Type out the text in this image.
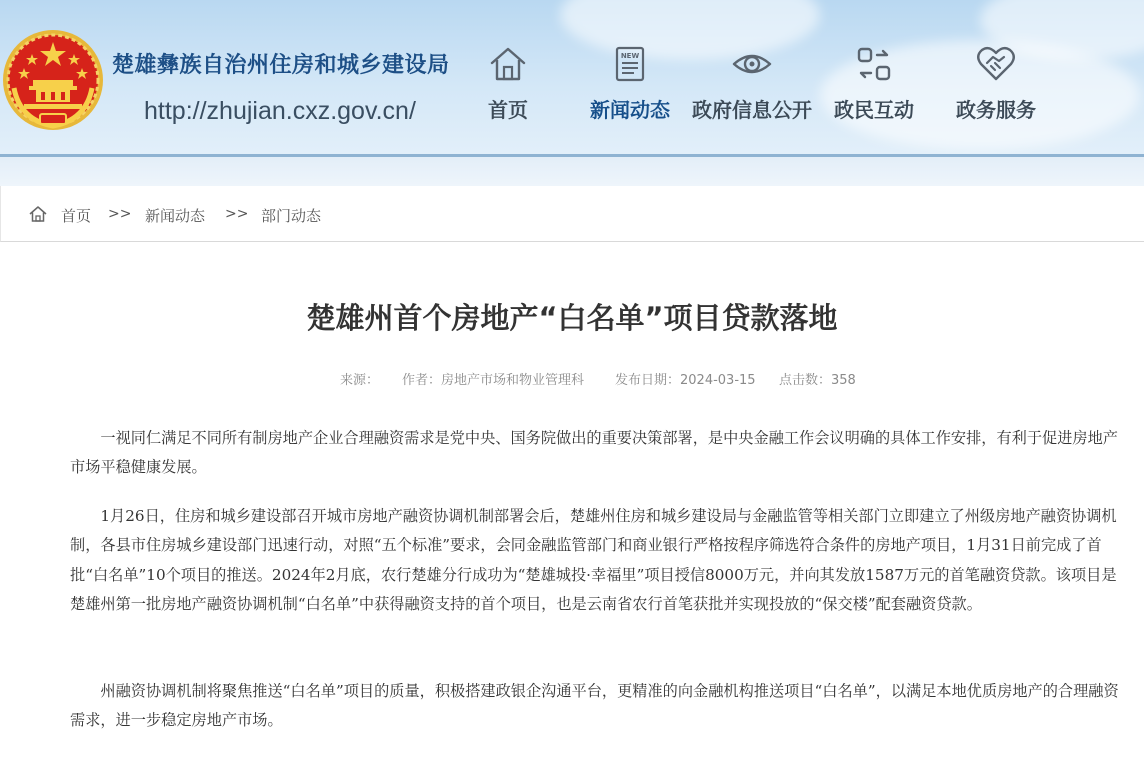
楚雄彝族自治州住房和城乡建设局
http://zhujian.cxz.gov.cn/	首页
NEW
新闻动态	政府信息公开	政民互动	政务服务
首页 >> 新闻动态 >> 部门动态
楚雄州首个房地产“白名单”项目贷款落地
来源： 作者：房地产市场和物业管理科 发布日期：2024-03-15 点击数：358

一视同仁满足不同所有制房地产企业合理融资需求是党中央、国务院做出的重要决策部署，是中央金融工作会议明确的具体工作安排，有利于促进房地产市场平稳健康发展。

1月26日，住房和城乡建设部召开城市房地产融资协调机制部署会后，楚雄州住房和城乡建设局与金融监管等相关部门立即建立了州级房地产融资协调机制，各县市住房城乡建设部门迅速行动，对照“五个标准”要求，会同金融监管部门和商业银行严格按程序筛选符合条件的房地产项目，1月31日前完成了首批“白名单”10个项目的推送。2024年2月底，农行楚雄分行成功为“楚雄城投·幸福里”项目授信8000万元，并向其发放1587万元的首笔融资贷款。该项目是楚雄州第一批房地产融资协调机制“白名单”中获得融资支持的首个项目，也是云南省农行首笔获批并实现投放的“保交楼”配套融资贷款。

州融资协调机制将聚焦推送“白名单”项目的质量，积极搭建政银企沟通平台，更精准的向金融机构推送项目“白名单”，以满足本地优质房地产的合理融资需求，进一步稳定房地产市场。
